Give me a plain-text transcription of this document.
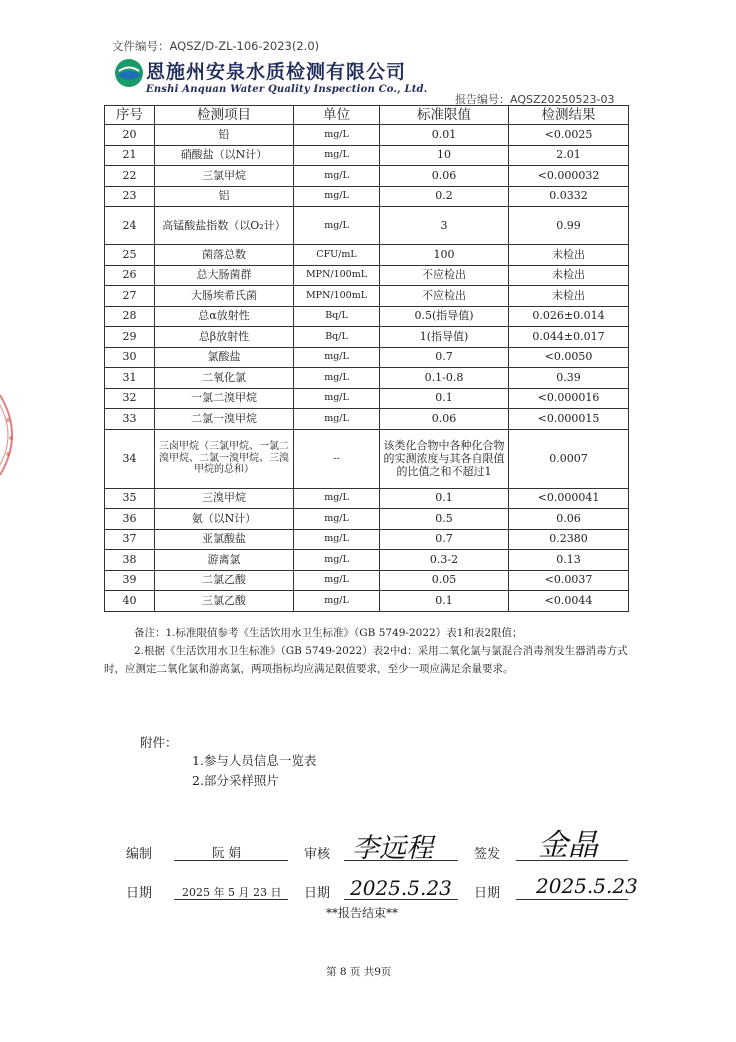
文件编号：AQSZ/D-ZL-106-2023(2.0)
恩施州安泉水质检测有限公司
Enshi Anquan Water Quality Inspection Co., Ltd.
报告编号：AQSZ20250523-03
序号	检测项目	单位	标准限值	检测结果
20	铅	mg/L	0.01	<0.0025
21	硝酸盐（以N计）	mg/L	10	2.01
22	三氯甲烷	mg/L	0.06	<0.000032
23	铝	mg/L	0.2	0.0332
24	高锰酸盐指数（以O₂计）	mg/L	3	0.99
25	菌落总数	CFU/mL	100	未检出
26	总大肠菌群	MPN/100mL	不应检出	未检出
27	大肠埃希氏菌	MPN/100mL	不应检出	未检出
28	总α放射性	Bq/L	0.5(指导值)	0.026±0.014
29	总β放射性	Bq/L	1(指导值)	0.044±0.017
30	氯酸盐	mg/L	0.7	<0.0050
31	二氧化氯	mg/L	0.1-0.8	0.39
32	一氯二溴甲烷	mg/L	0.1	<0.000016
33	二氯一溴甲烷	mg/L	0.06	<0.000015
34	三卤甲烷（三氯甲烷、一氯二溴甲烷、二氯一溴甲烷、三溴甲烷的总和）	--	该类化合物中各种化合物的实测浓度与其各自限值的比值之和不超过1	0.0007
35	三溴甲烷	mg/L	0.1	<0.000041
36	氨（以N计）	mg/L	0.5	0.06
37	亚氯酸盐	mg/L	0.7	0.2380
38	游离氯	mg/L	0.3-2	0.13
39	二氯乙酸	mg/L	0.05	<0.0037
40	三氯乙酸	mg/L	0.1	<0.0044

备注：1.标准限值参考《生活饮用水卫生标准》（GB 5749-2022）表1和表2限值；

2.根据《生活饮用水卫生标准》（GB 5749-2022）表2中d：采用二氧化氯与氯混合消毒剂发生器消毒方式时，应测定二氧化氯和游离氯，两项指标均应满足限值要求，至少一项应满足余量要求。

附件：
1.参与人员信息一览表
2.部分采样照片
编制	阮 娟	审核 李远程	签发 金晶
日期	2025 年 5 月 23 日 日期 2025.5.23 日期 2025.5.23
**报告结束**
第 8 页 共9页
